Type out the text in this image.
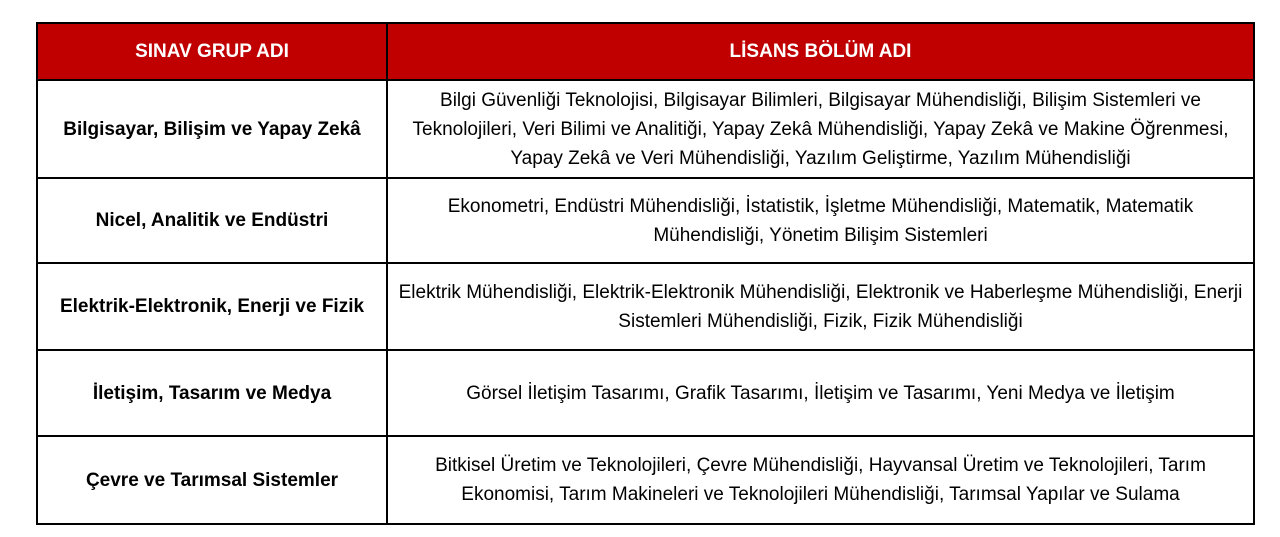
SINAV GRUP ADI	LİSANS BÖLÜM ADI
Bilgisayar, Bilişim ve Yapay Zekâ	Bilgi Güvenliği Teknolojisi, Bilgisayar Bilimleri, Bilgisayar Mühendisliği, Bilişim Sistemleri ve Teknolojileri, Veri Bilimi ve Analitiği, Yapay Zekâ Mühendisliği, Yapay Zekâ ve Makine Öğrenmesi, Yapay Zekâ ve Veri Mühendisliği, Yazılım Geliştirme, Yazılım Mühendisliği
Nicel, Analitik ve Endüstri	Ekonometri, Endüstri Mühendisliği, İstatistik, İşletme Mühendisliği, Matematik, Matematik Mühendisliği, Yönetim Bilişim Sistemleri
Elektrik-Elektronik, Enerji ve Fizik	Elektrik Mühendisliği, Elektrik-Elektronik Mühendisliği, Elektronik ve Haberleşme Mühendisliği, Enerji Sistemleri Mühendisliği, Fizik, Fizik Mühendisliği
İletişim, Tasarım ve Medya	Görsel İletişim Tasarımı, Grafik Tasarımı, İletişim ve Tasarımı, Yeni Medya ve İletişim
Çevre ve Tarımsal Sistemler	Bitkisel Üretim ve Teknolojileri, Çevre Mühendisliği, Hayvansal Üretim ve Teknolojileri, Tarım Ekonomisi, Tarım Makineleri ve Teknolojileri Mühendisliği, Tarımsal Yapılar ve Sulama
